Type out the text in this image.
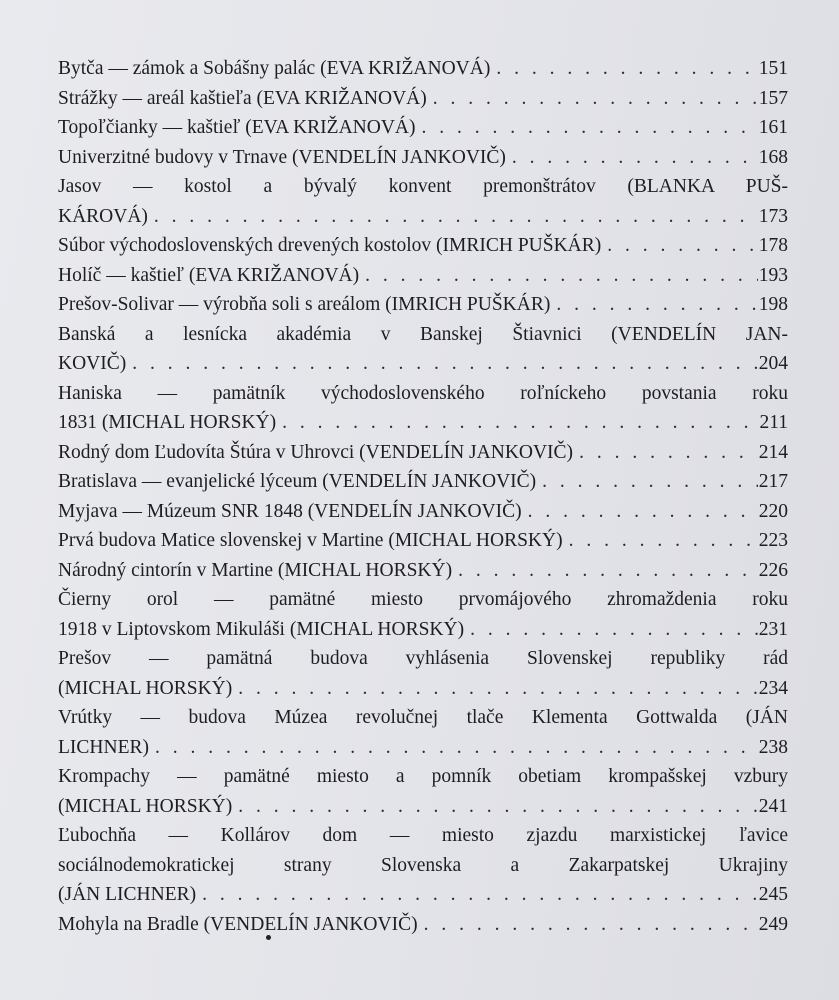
Bytča — zámok a Sobášny palác (EVA KRIŽANOVÁ) . . .	151
Strážky — areál kaštieľa (EVA KRIŽANOVÁ) . . .	157
Topoľčianky — kaštieľ (EVA KRIŽANOVÁ) . . .	161
Univerzitné budovy v Trnave (VENDELÍN JANKOVIČ) . . .	168
Jasov — kostol a bývalý konvent premonštrátov (BLANKA PUŠ-
KÁROVÁ) . . .	173
Súbor východoslovenských drevených kostolov (IMRICH PUŠKÁR) . . .	178
Holíč — kaštieľ (EVA KRIŽANOVÁ) . . .	193
Prešov-Solivar — výrobňa soli s areálom (IMRICH PUŠKÁR) . . .	198
Banská a lesnícka akadémia v Banskej Štiavnici (VENDELÍN JAN-
KOVIČ) . . .	204
Haniska — pamätník východoslovenského roľníckeho povstania roku
1831 (MICHAL HORSKÝ) . . .	211
Rodný dom Ľudovíta Štúra v Uhrovci (VENDELÍN JANKOVIČ) . . .	214
Bratislava — evanjelické lýceum (VENDELÍN JANKOVIČ) . . .	217
Myjava — Múzeum SNR 1848 (VENDELÍN JANKOVIČ) . . .	220
Prvá budova Matice slovenskej v Martine (MICHAL HORSKÝ) . . .	223
Národný cintorín v Martine (MICHAL HORSKÝ) . . .	226
Čierny orol — pamätné miesto prvomájového zhromaždenia roku
1918 v Liptovskom Mikuláši (MICHAL HORSKÝ) . . .	231
Prešov — pamätná budova vyhlásenia Slovenskej republiky rád
(MICHAL HORSKÝ) . . .	234
Vrútky — budova Múzea revolučnej tlače Klementa Gottwalda (JÁN
LICHNER) . . .	238
Krompachy — pamätné miesto a pomník obetiam krompašskej vzbury
(MICHAL HORSKÝ) . . .	241
Ľubochňa — Kollárov dom — miesto zjazdu marxistickej ľavice
sociálnodemokratickej strany Slovenska a Zakarpatskej Ukrajiny
(JÁN LICHNER) . . .	245
Mohyla na Bradle (VENDELÍN JANKOVIČ) . . .	249
